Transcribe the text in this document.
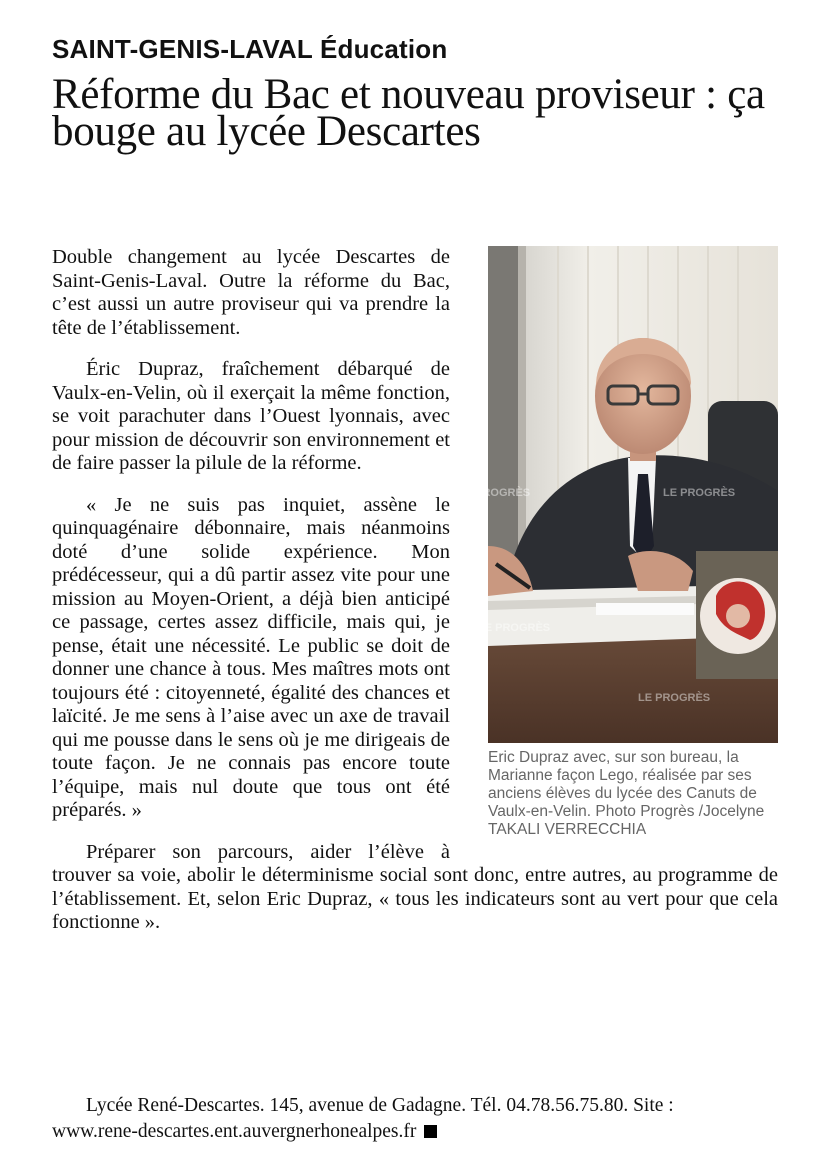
SAINT-GENIS-LAVAL Éducation
Réforme du Bac et nouveau proviseur : ça bouge au lycée Descartes
LE PROGRÈS
LE PROGRÈS
LE PROGRÈS
LE PROGRÈS
Eric Dupraz avec, sur son bureau, la Marianne façon Lego, réalisée par ses anciens élèves du lycée des Canuts de Vaulx-en-Velin. Photo Progrès /Jocelyne TAKALI VERRECCHIA

Double changement au lycée Descartes de Saint-Genis-Laval. Outre la réforme du Bac, c’est aussi un autre proviseur qui va prendre la tête de l’établissement.

Éric Dupraz, fraîchement débarqué de Vaulx-en-Velin, où il exerçait la même fonction, se voit parachuter dans l’Ouest lyonnais, avec pour mission de découvrir son environnement et de faire passer la pilule de la réforme.

« Je ne suis pas inquiet, assène le quinquagénaire débonnaire, mais néanmoins doté d’une solide expérience. Mon prédécesseur, qui a dû partir assez vite pour une mission au Moyen-Orient, a déjà bien anticipé ce passage, certes assez difficile, mais qui, je pense, était une nécessité. Le public se doit de donner une chance à tous. Mes maîtres mots ont toujours été : citoyenneté, égalité des chances et laïcité. Je me sens à l’aise avec un axe de travail qui me pousse dans le sens où je me dirigeais de toute façon. Je ne connais pas encore toute l’équipe, mais nul doute que tous ont été préparés. »

Préparer son parcours, aider l’élève à trouver sa voie, abolir le déterminisme social sont donc, entre autres, au programme de l’établissement. Et, selon Eric Dupraz, « tous les indicateurs sont au vert pour que cela fonctionne ».

Lycée René-Descartes. 145, avenue de Gadagne. Tél. 04.78.56.75.80. Site :
www.rene-descartes.ent.auvergnerhonealpes.fr
